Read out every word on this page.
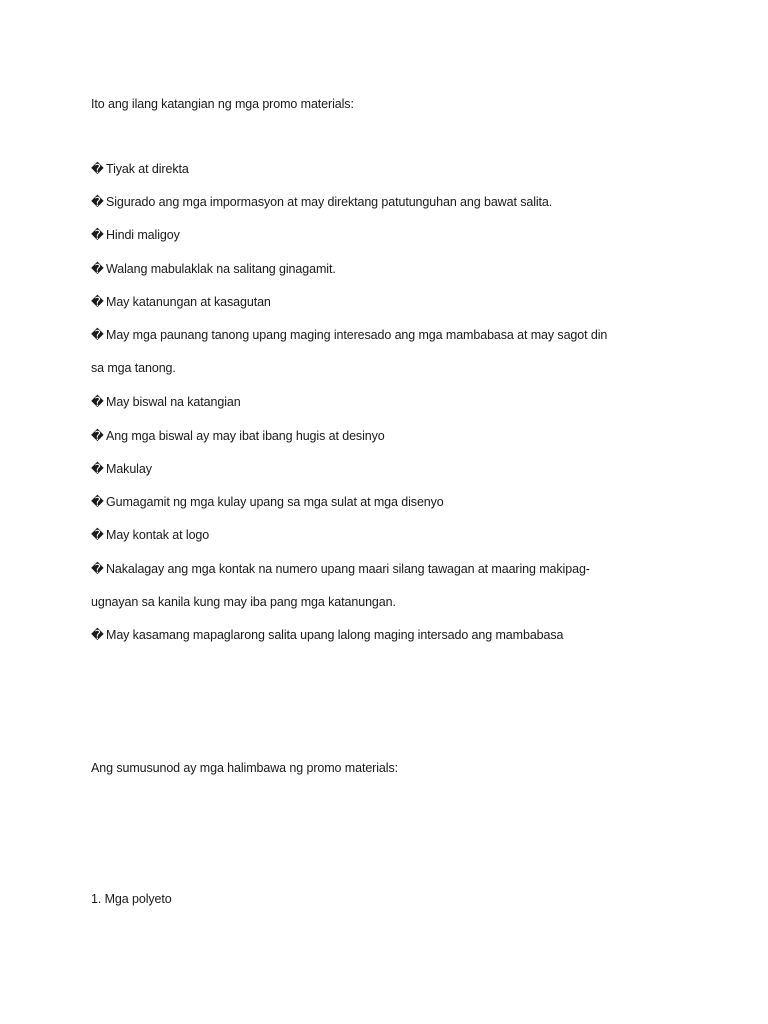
Ito ang ilang katangian ng mga promo materials:
� Tiyak at direkta
� Sigurado ang mga impormasyon at may direktang patutunguhan ang bawat salita.
� Hindi maligoy
� Walang mabulaklak na salitang ginagamit.
� May katanungan at kasagutan
� May mga paunang tanong upang maging interesado ang mga mambabasa at may sagot din
sa mga tanong.
� May biswal na katangian
� Ang mga biswal ay may ibat ibang hugis at desinyo
� Makulay
� Gumagamit ng mga kulay upang sa mga sulat at mga disenyo
� May kontak at logo
� Nakalagay ang mga kontak na numero upang maari silang tawagan at maaring makipag-
ugnayan sa kanila kung may iba pang mga katanungan.
� May kasamang mapaglarong salita upang lalong maging intersado ang mambabasa
Ang sumusunod ay mga halimbawa ng promo materials:
1. Mga polyeto
